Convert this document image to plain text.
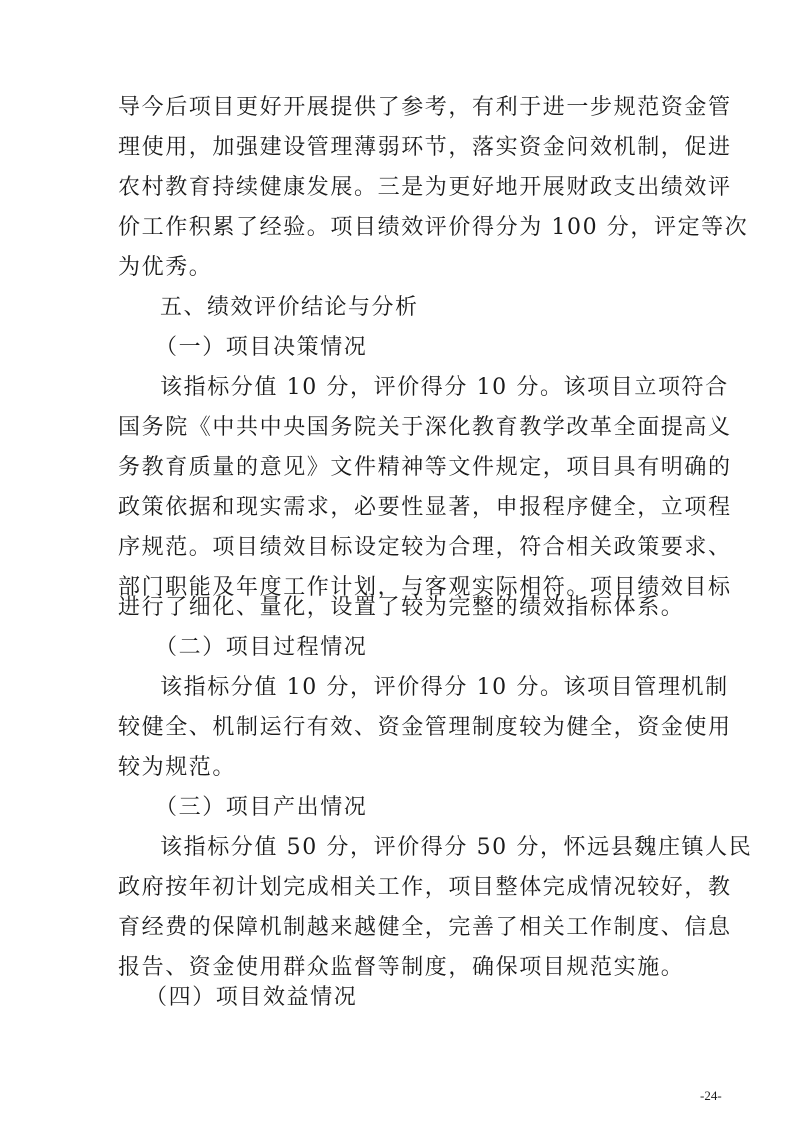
导今后项目更好开展提供了参考，有利于进一步规范资金管
理使用，加强建设管理薄弱环节，落实资金问效机制，促进
农村教育持续健康发展。三是为更好地开展财政支出绩效评
价工作积累了经验。项目绩效评价得分为 100 分，评定等次
为优秀。
五、绩效评价结论与分析
（一）项目决策情况
该指标分值 10 分，评价得分 10 分。该项目立项符合
国务院《中共中央国务院关于深化教育教学改革全面提高义
务教育质量的意见》文件精神等文件规定，项目具有明确的
政策依据和现实需求，必要性显著，申报程序健全，立项程
序规范。项目绩效目标设定较为合理，符合相关政策要求、
部门职能及年度工作计划，与客观实际相符。项目绩效目标
进行了细化、量化，设置了较为完整的绩效指标体系。
（二）项目过程情况
该指标分值 10 分，评价得分 10 分。该项目管理机制
较健全、机制运行有效、资金管理制度较为健全，资金使用
较为规范。
（三）项目产出情况
该指标分值 50 分，评价得分 50 分，怀远县魏庄镇人民
政府按年初计划完成相关工作，项目整体完成情况较好，教
育经费的保障机制越来越健全，完善了相关工作制度、信息
报告、资金使用群众监督等制度，确保项目规范实施。
（四）项目效益情况
-24-
